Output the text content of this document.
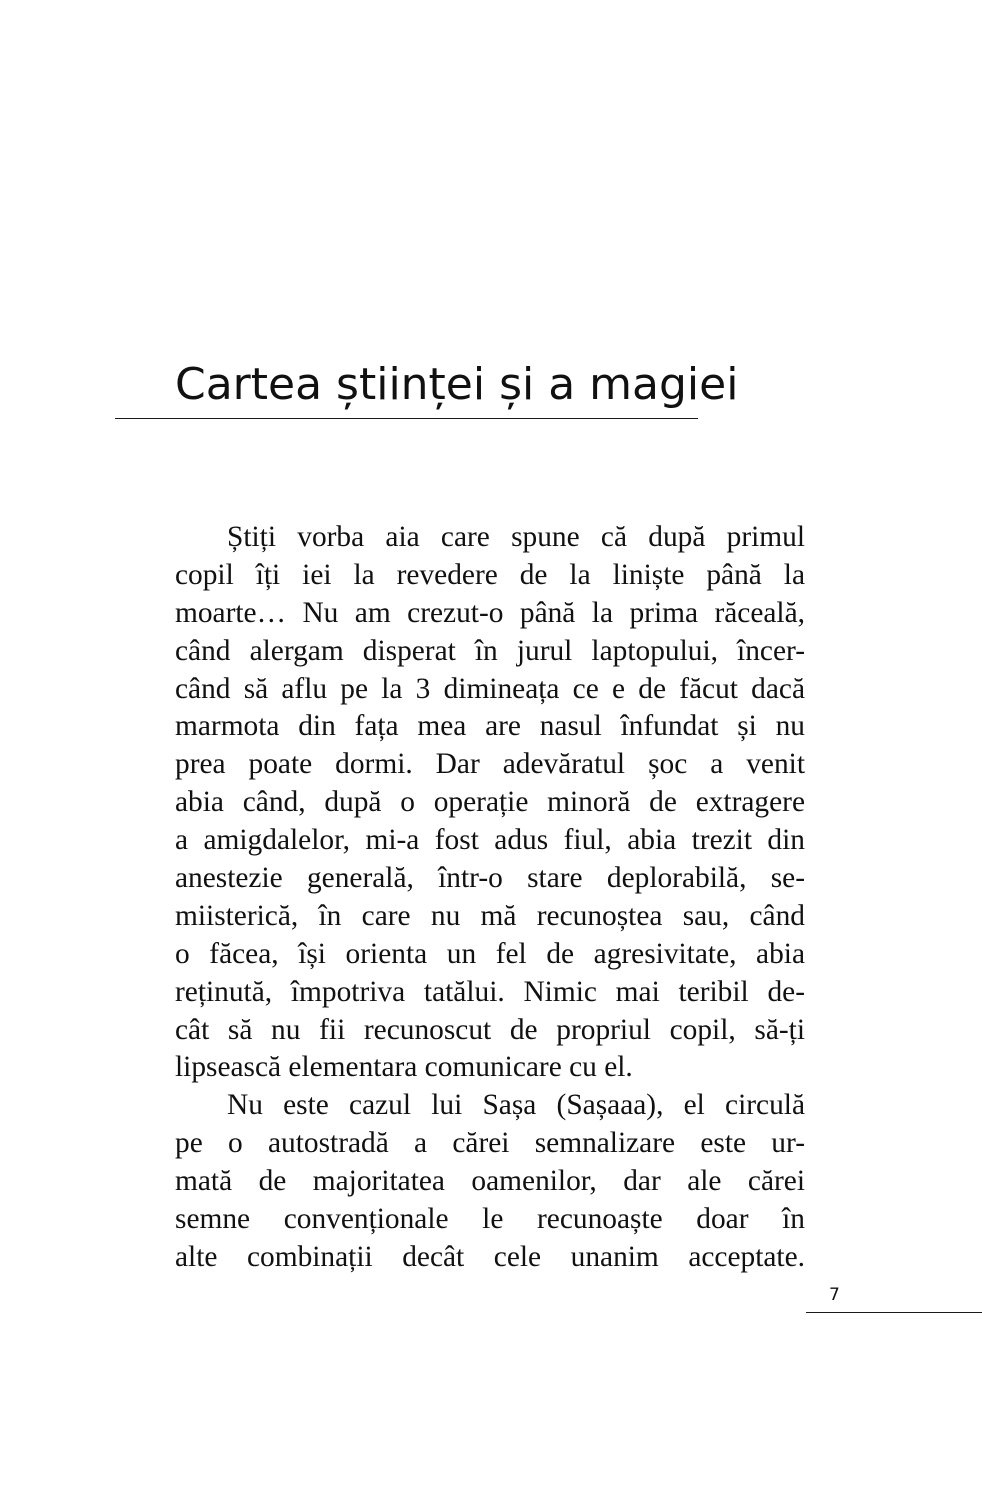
Cartea științei și a magiei
Știți vorba aia care spune că după primul
copil îți iei la revedere de la liniște până la
moarte… Nu am crezut-o până la prima răceală,
când alergam disperat în jurul laptopului, încer-
când să aflu pe la 3 dimineața ce e de făcut dacă
marmota din fața mea are nasul înfundat și nu
prea poate dormi. Dar adevăratul șoc a venit
abia când, după o operație minoră de extragere
a amigdalelor, mi-a fost adus fiul, abia trezit din
anestezie generală, într-o stare deplorabilă, se-
miisterică, în care nu mă recunoștea sau, când
o făcea, își orienta un fel de agresivitate, abia
reținută, împotriva tatălui. Nimic mai teribil de-
cât să nu fii recunoscut de propriul copil, să-ți
lipsească elementara comunicare cu el.
Nu este cazul lui Sașa (Sașaaa), el circulă
pe o autostradă a cărei semnalizare este ur-
mată de majoritatea oamenilor, dar ale cărei
semne convenționale le recunoaște doar în
alte combinații decât cele unanim acceptate.
7
